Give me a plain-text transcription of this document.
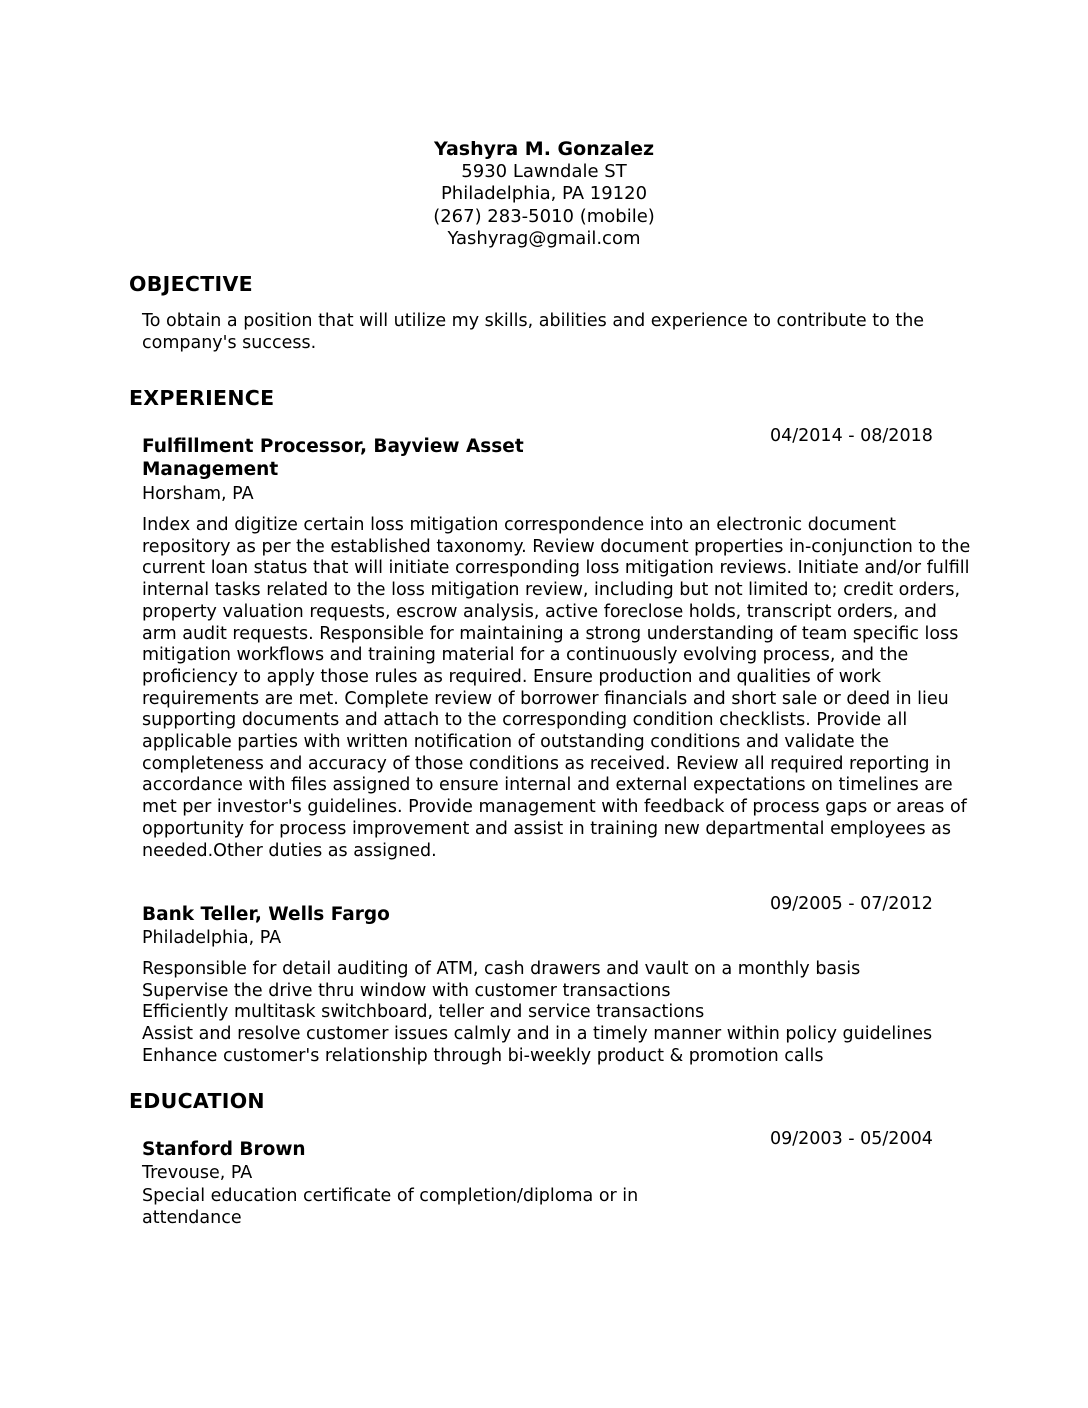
Yashyra M. Gonzalez
5930 Lawndale ST
Philadelphia, PA 19120
(267) 283-5010 (mobile)
Yashyrag@gmail.com
OBJECTIVE
To obtain a position that will utilize my skills, abilities and experience to contribute to the company's success.
EXPERIENCE
Fulfillment Processor, Bayview Asset Management
04/2014 - 08/2018
Horsham, PA
Index and digitize certain loss mitigation correspondence into an electronic document repository as per the established taxonomy. Review document properties in-conjunction to the current loan status that will initiate corresponding loss mitigation reviews. Initiate and/or fulfill internal tasks related to the loss mitigation review, including but not limited to; credit orders, property valuation requests, escrow analysis, active foreclose holds, transcript orders, and arm audit requests. Responsible for maintaining a strong understanding of team specific loss mitigation workflows and training material for a continuously evolving process, and the proficiency to apply those rules as required. Ensure production and qualities of work requirements are met. Complete review of borrower financials and short sale or deed in lieu supporting documents and attach to the corresponding condition checklists. Provide all applicable parties with written notification of outstanding conditions and validate the completeness and accuracy of those conditions as received. Review all required reporting in accordance with files assigned to ensure internal and external expectations on timelines are met per investor's guidelines. Provide management with feedback of process gaps or areas of opportunity for process improvement and assist in training new departmental employees as needed.Other duties as assigned.
Bank Teller, Wells Fargo	09/2005 - 07/2012
Philadelphia, PA
Responsible for detail auditing of ATM, cash drawers and vault on a monthly basis
Supervise the drive thru window with customer transactions
Efficiently multitask switchboard, teller and service transactions
Assist and resolve customer issues calmly and in a timely manner within policy guidelines
Enhance customer's relationship through bi-weekly product & promotion calls
EDUCATION
Stanford Brown	09/2003 - 05/2004
Trevouse, PA
Special education certificate of completion/diploma or in attendance
